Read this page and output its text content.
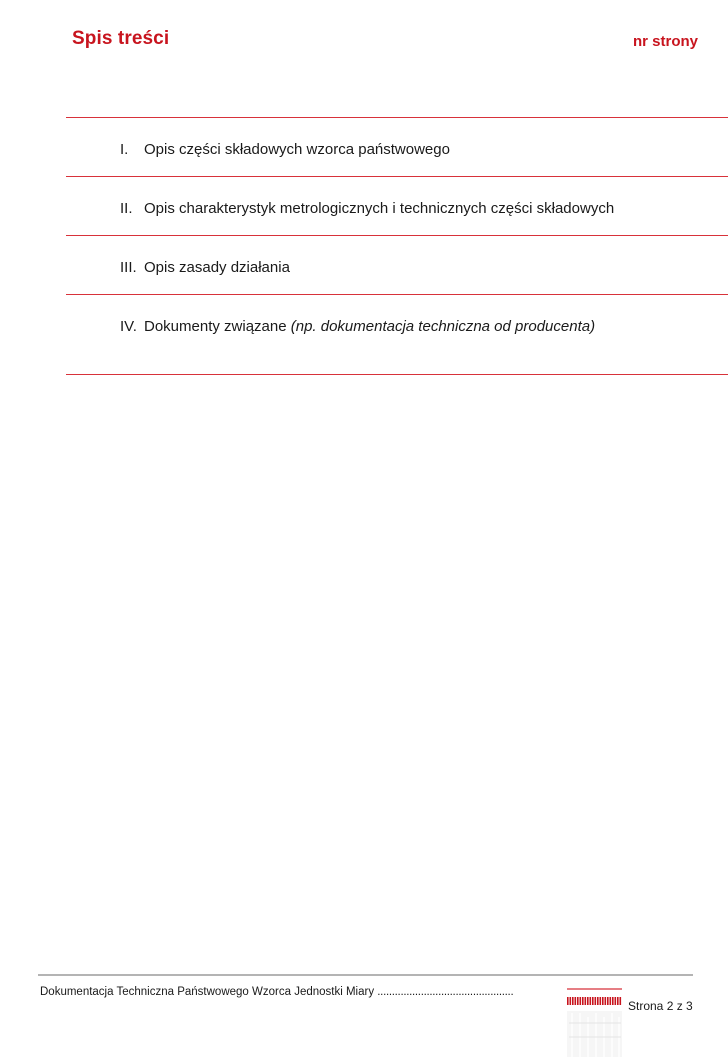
Spis treści	nr strony
I. Opis części składowych wzorca państwowego
II. Opis charakterystyk metrologicznych i technicznych części składowych
III. Opis zasady działania
IV. Dokumenty związane (np. dokumentacja techniczna od producenta)
Dokumentacja Techniczna Państwowego Wzorca Jednostki Miary ...............................................
Strona 2 z 3
